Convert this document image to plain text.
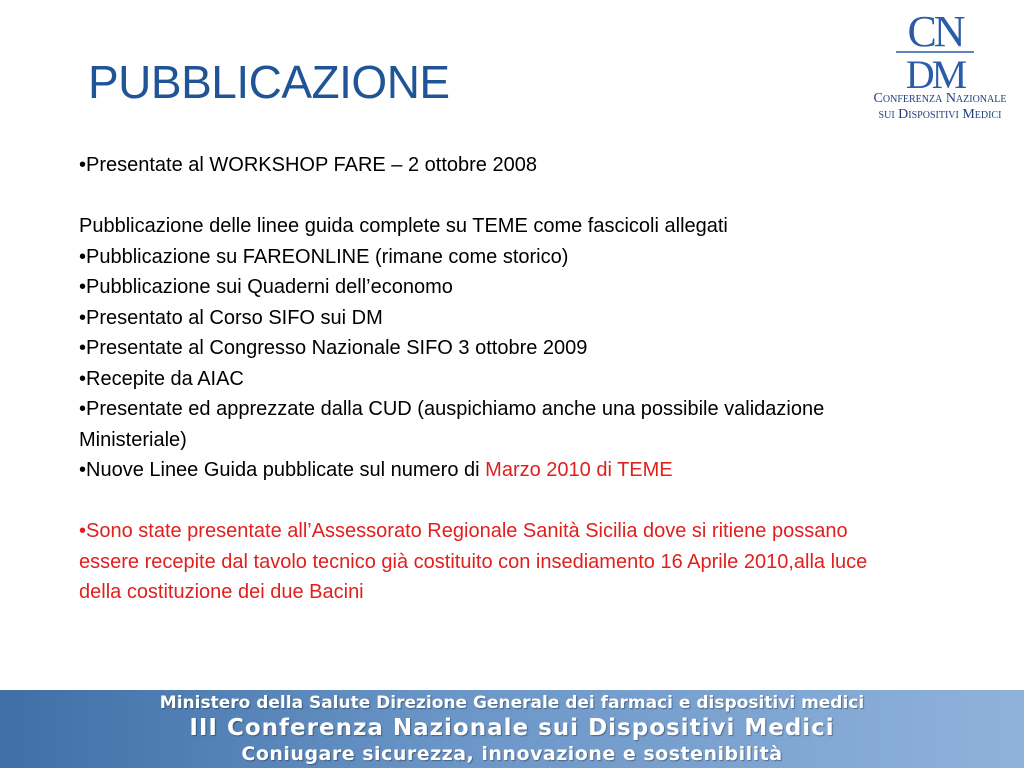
PUBBLICAZIONE
CN
DM
Conferenza Nazionale
sui Dispositivi Medici

•Presentate al WORKSHOP FARE – 2 ottobre 2008

Pubblicazione delle linee guida complete su TEME come fascicoli allegati

•Pubblicazione su FAREONLINE (rimane come storico)

•Pubblicazione sui Quaderni dell’economo

•Presentato al Corso SIFO sui DM

•Presentate al Congresso Nazionale SIFO 3 ottobre 2009

•Recepite da AIAC

•Presentate ed apprezzate dalla CUD (auspichiamo anche una possibile validazione Ministeriale)

•Nuove Linee Guida pubblicate sul numero di Marzo 2010 di TEME

•Sono state presentate all’Assessorato Regionale Sanità Sicilia dove si ritiene possano essere recepite dal tavolo tecnico già costituito con insediamento 16 Aprile 2010,alla luce della costituzione dei due Bacini

Ministero della Salute Direzione Generale dei farmaci e dispositivi medici
III Conferenza Nazionale sui Dispositivi Medici
Coniugare sicurezza, innovazione e sostenibilità
